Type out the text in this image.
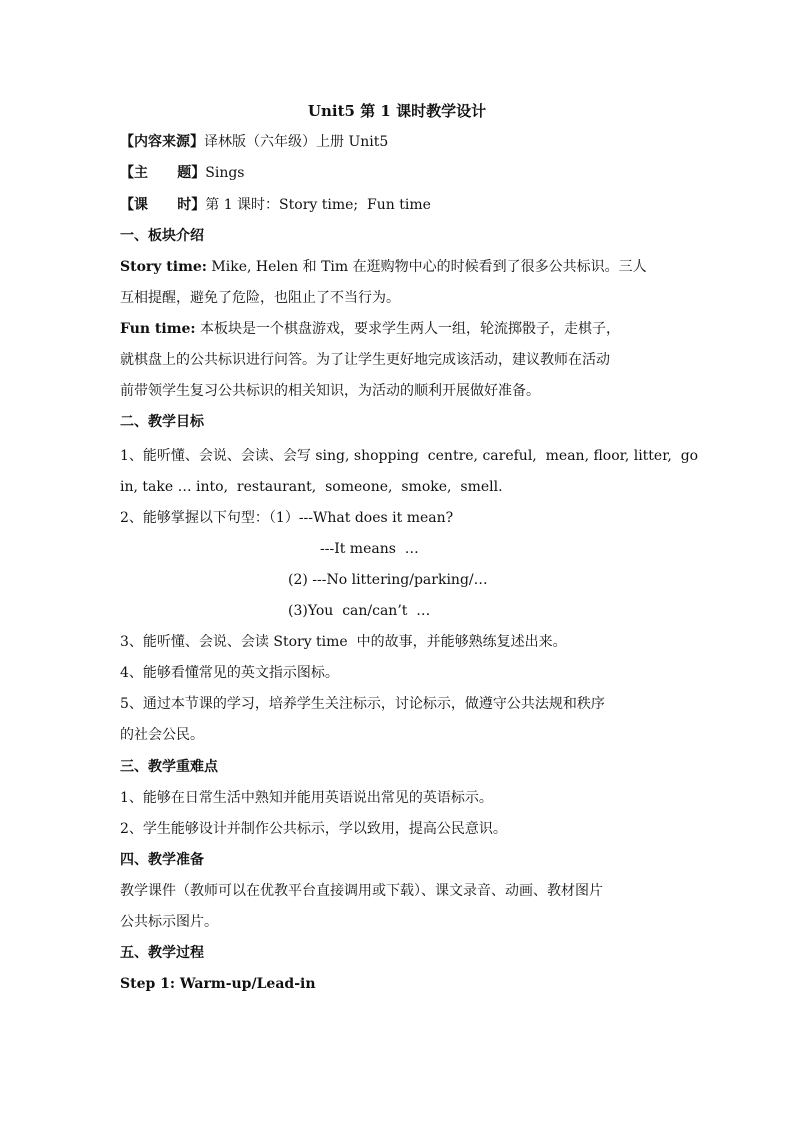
Unit5 第 1 课时教学设计
【内容来源】译林版（六年级）上册 Unit5
【主      题】Sings
【课      时】第 1 课时：Story time;  Fun time
一、板块介绍
Story time: Mike, Helen 和 Tim 在逛购物中心的时候看到了很多公共标识。三人
互相提醒，避免了危险，也阻止了不当行为。
Fun time: 本板块是一个棋盘游戏，要求学生两人一组，轮流掷骰子，走棋子，
就棋盘上的公共标识进行问答。为了让学生更好地完成该活动，建议教师在活动
前带领学生复习公共标识的相关知识，为活动的顺利开展做好准备。
二、教学目标
1、能听懂、会说、会读、会写 sing, shopping  centre, careful,  mean, floor, litter,  go
in, take … into,  restaurant,  someone,  smoke,  smell.
2、能够掌握以下句型：（1）---What does it mean?
---It means  …
(2) ---No littering/parking/…
(3)You  can/can’t  …
3、能听懂、会说、会读 Story time  中的故事，并能够熟练复述出来。
4、能够看懂常见的英文指示图标。
5、通过本节课的学习，培养学生关注标示，讨论标示，做遵守公共法规和秩序
的社会公民。
三、教学重难点
1、能够在日常生活中熟知并能用英语说出常见的英语标示。
2、学生能够设计并制作公共标示，学以致用，提高公民意识。
四、教学准备
教学课件（教师可以在优教平台直接调用或下载）、课文录音、动画、教材图片
公共标示图片。
五、教学过程
Step 1: Warm-up/Lead-in
